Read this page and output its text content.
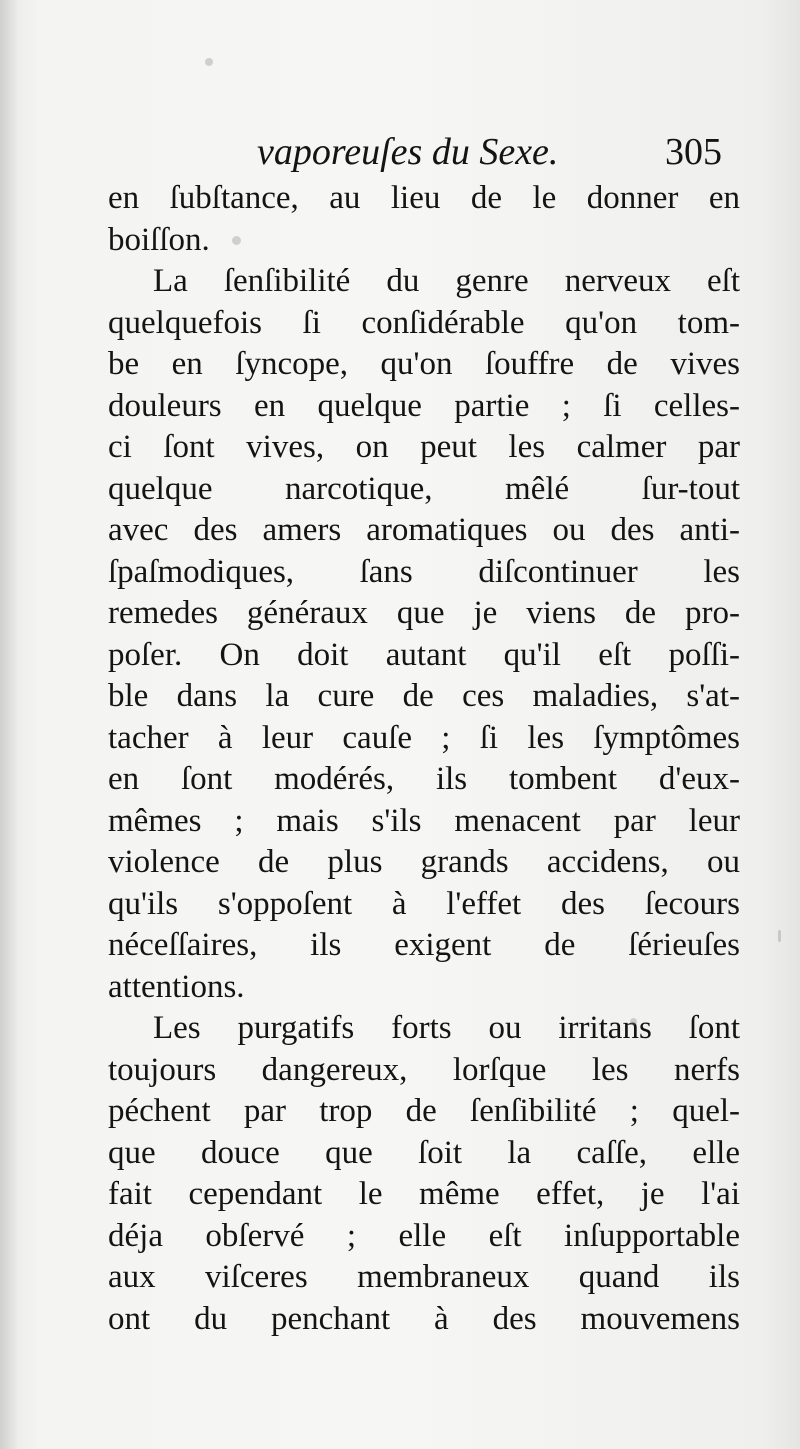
vaporeuſes du Sexe.	305
en ſubſtance, au lieu de le donner en
boiſſon.
La ſenſibilité du genre nerveux eſt
quelquefois ſi conſidérable qu'on tom-
be en ſyncope, qu'on ſouffre de vives
douleurs en quelque partie ; ſi celles-
ci ſont vives, on peut les calmer par
quelque narcotique, mêlé ſur-tout
avec des amers aromatiques ou des anti-
ſpaſmodiques, ſans diſcontinuer les
remedes généraux que je viens de pro-
poſer. On doit autant qu'il eſt poſſi-
ble dans la cure de ces maladies, s'at-
tacher à leur cauſe ; ſi les ſymptômes
en ſont modérés, ils tombent d'eux-
mêmes ; mais s'ils menacent par leur
violence de plus grands accidens, ou
qu'ils s'oppoſent à l'effet des ſecours
néceſſaires, ils exigent de ſérieuſes
attentions.
Les purgatifs forts ou irritans ſont
toujours dangereux, lorſque les nerfs
péchent par trop de ſenſibilité ; quel-
que douce que ſoit la caſſe, elle
fait cependant le même effet, je l'ai
déja obſervé ; elle eſt inſupportable
aux viſceres membraneux quand ils
ont du penchant à des mouvemens
